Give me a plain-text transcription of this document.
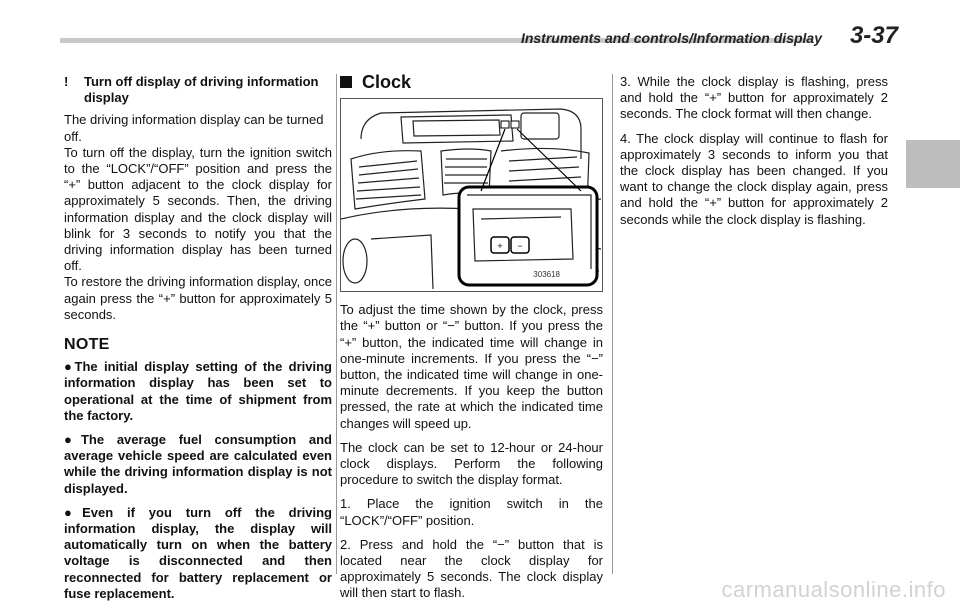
Instruments and controls/Information display 3-37
!	Turn off display of driving information display

The driving information display can be turned off.

To turn off the display, turn the ignition switch to the “LOCK”/“OFF” position and press the “+” button adjacent to the clock display for approximately 5 seconds. Then, the driving information display and the clock display will blink for 3 seconds to notify you that the driving information display has been turned off.

To restore the driving information display, once again press the “+” button for approximately 5 seconds.

NOTE

●The initial display setting of the driving information display has been set to operational at the time of shipment from the factory.

●The average fuel consumption and average vehicle speed are calculated even while the driving information display is not displayed.

●Even if you turn off the driving information display, the display will automatically turn on when the battery voltage is disconnected and then reconnected for battery replacement or fuse replacement.

Clock
+ −
303618

To adjust the time shown by the clock, press the “+” button or “−” button. If you press the “+” button, the indicated time will change in one-minute increments. If you press the “−” button, the indicated time will change in one-minute decrements. If you keep the button pressed, the rate at which the indicated time changes will speed up.

The clock can be set to 12-hour or 24-hour clock displays. Perform the following procedure to switch the display format.

1. Place the ignition switch in the “LOCK”/“OFF” position.

2. Press and hold the “−” button that is located near the clock display for approximately 5 seconds. The clock display will then start to flash.

3. While the clock display is flashing, press and hold the “+” button for approximately 2 seconds. The clock format will then change.

4. The clock display will continue to flash for approximately 3 seconds to inform you that the clock display has been changed. If you want to change the clock display again, press and hold the “+” button for approximately 2 seconds while the clock display is flashing.

carmanualsonline.info
